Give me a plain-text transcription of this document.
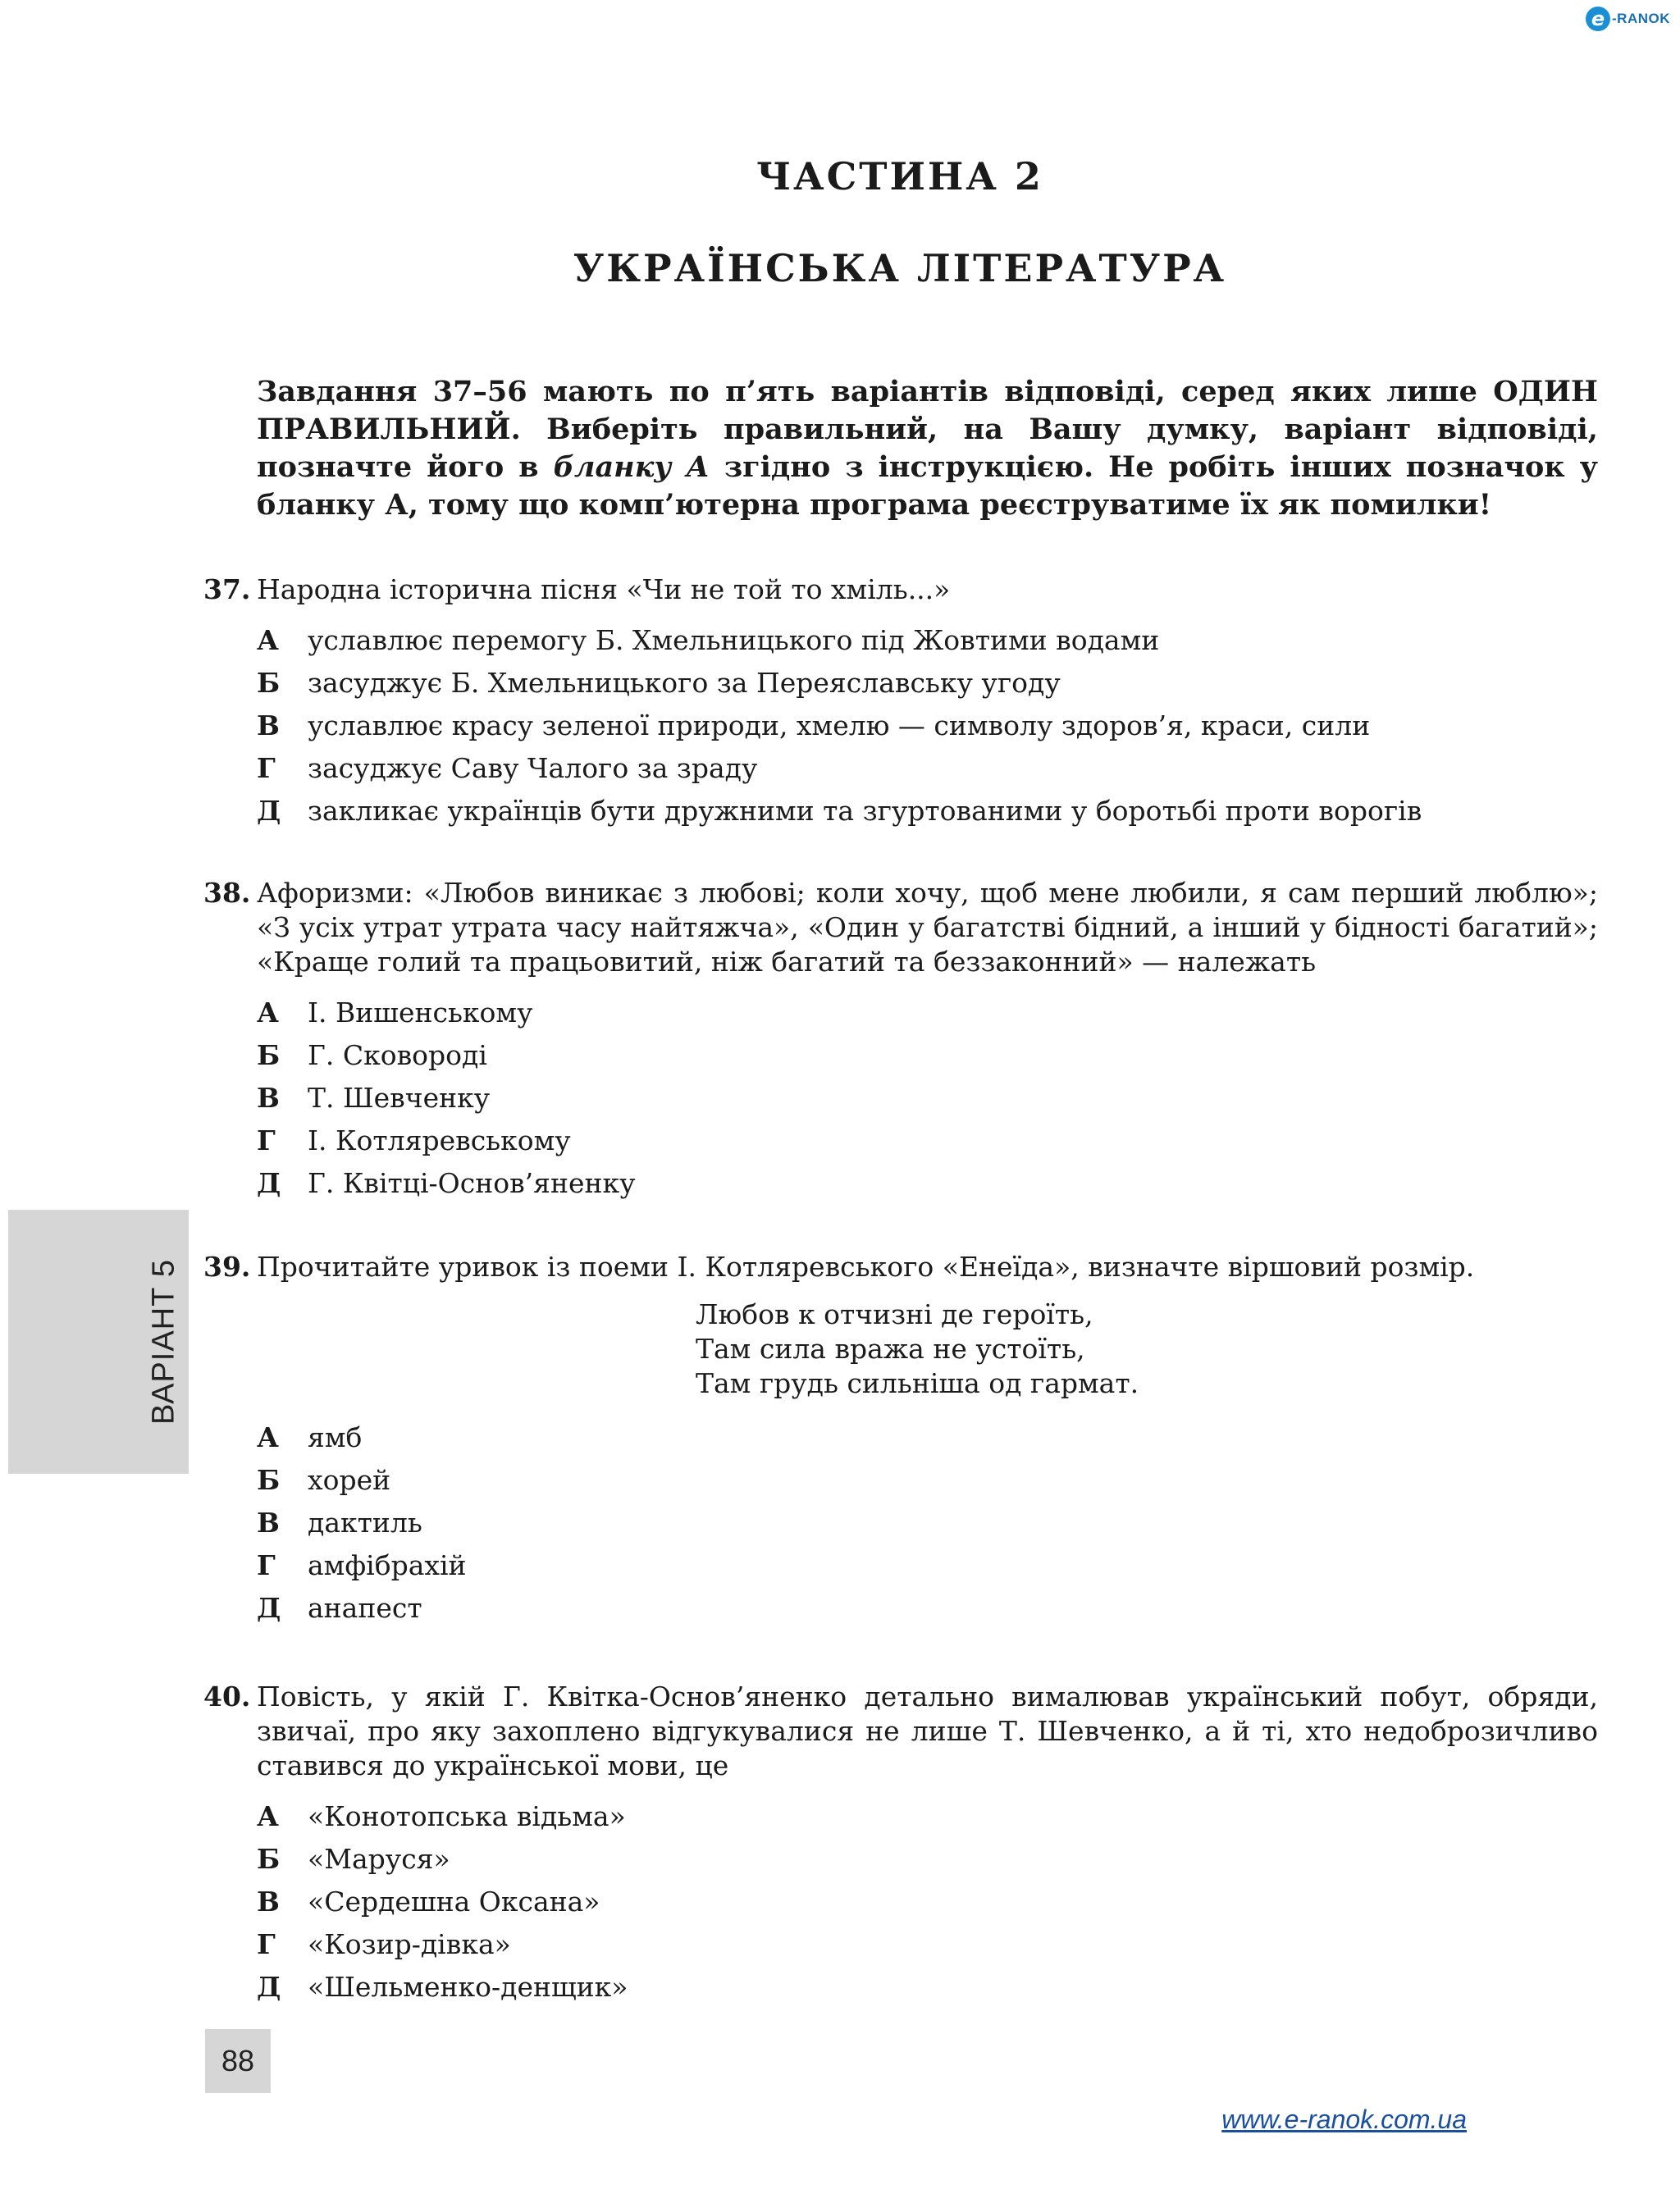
e -RANOK
ЧАСТИНА 2
УКРАЇНСЬКА ЛІТЕРАТУРА

Завдання 37–56 мають по п’ять варіантів відповіді, серед яких лише ОДИН ПРАВИЛЬНИЙ. Виберіть правильний, на Вашу думку, варіант відповіді, позначте його в бланку А згідно з інструкцією. Не робіть інших позначок у бланку А, тому що комп’ютерна програма реєструватиме їх як помилки!

37. Народна історична пісня «Чи не той то хміль...»
А	уславлює перемогу Б. Хмельницького під Жовтими водами
Б	засуджує Б. Хмельницького за Переяславську угоду
В	уславлює красу зеленої природи, хмелю — символу здоров’я, краси, сили
Г	засуджує Саву Чалого за зраду
Д закликає українців бути дружними та згуртованими у боротьбі проти ворогів
38. Афоризми: «Любов виникає з любові; коли хочу, щоб мене любили, я сам перший люблю»; «З усіх утрат утрата часу найтяжча», «Один у багатстві бідний, а інший у бідності багатий»; «Краще голий та працьовитий, ніж багатий та беззаконний» — належать
А	І. Вишенському
Б	Г. Сковороді
В	Т. Шевченку
Г	І. Котляревському
Д Г. Квітці-Основ’яненку
39. Прочитайте уривок із поеми І. Котляревського «Енеїда», визначте віршовий розмір.
Любов к отчизні де героїть,
Там сила вража не устоїть,
Там грудь сильніша од гармат.
А	ямб
Б	хорей
В	дактиль
Г	амфібрахій
Д анапест
40. Повість, у якій Г. Квітка-Основ’яненко детально вималював український побут, обряди, звичаї, про яку захоплено відгукувалися не лише Т. Шевченко, а й ті, хто недоброзичливо ставився до української мови, це
А	«Конотопська відьма»
Б	«Маруся»
В	«Сердешна Оксана»
Г	«Козир-дівка»
Д «Шельменко-денщик»
ВАРІАНТ 5
88
www.e-ranok.com.ua
